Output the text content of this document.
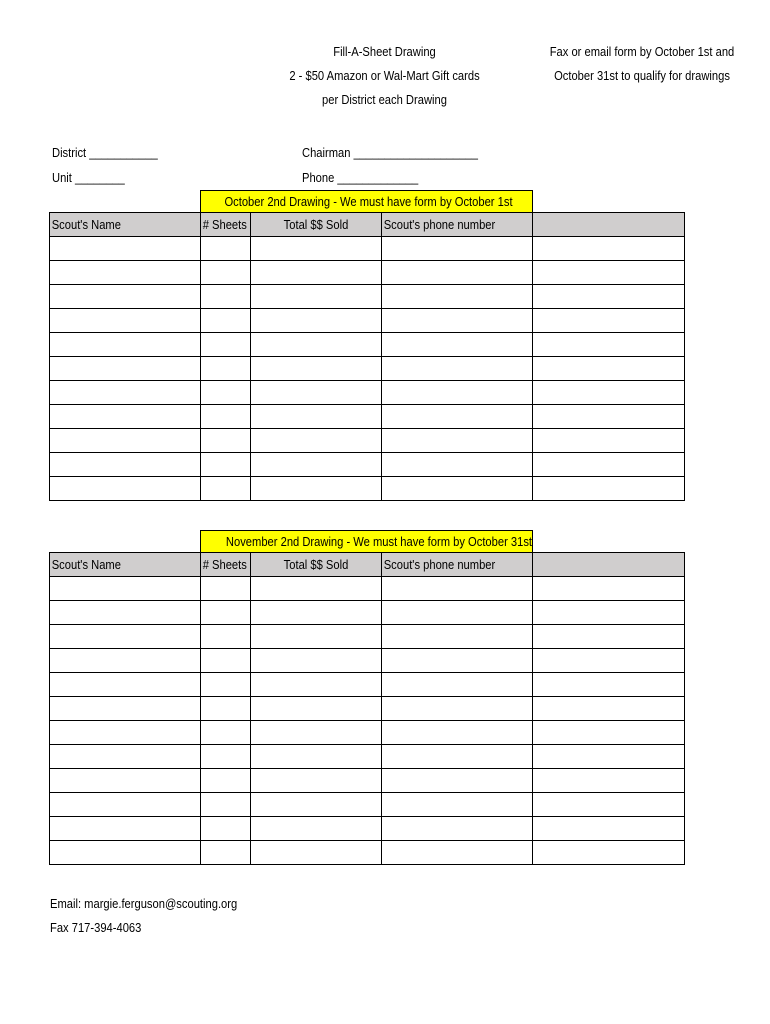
Fill-A-Sheet Drawing
2 - $50 Amazon or Wal-Mart Gift cards
per District each Drawing
Fax or email form by October 1st and
October 31st to qualify for drawings
District ___________
Unit ________
Chairman ____________________
Phone _____________
October 2nd Drawing - We must have form by October 1st
Scout's Name	# Sheets	Total $$ Sold	Scout's phone number	

November 2nd Drawing - We must have form by October 31st
Scout's Name	# Sheets	Total $$ Sold	Scout's phone number	

Email: margie.ferguson@scouting.org
Fax 717-394-4063
